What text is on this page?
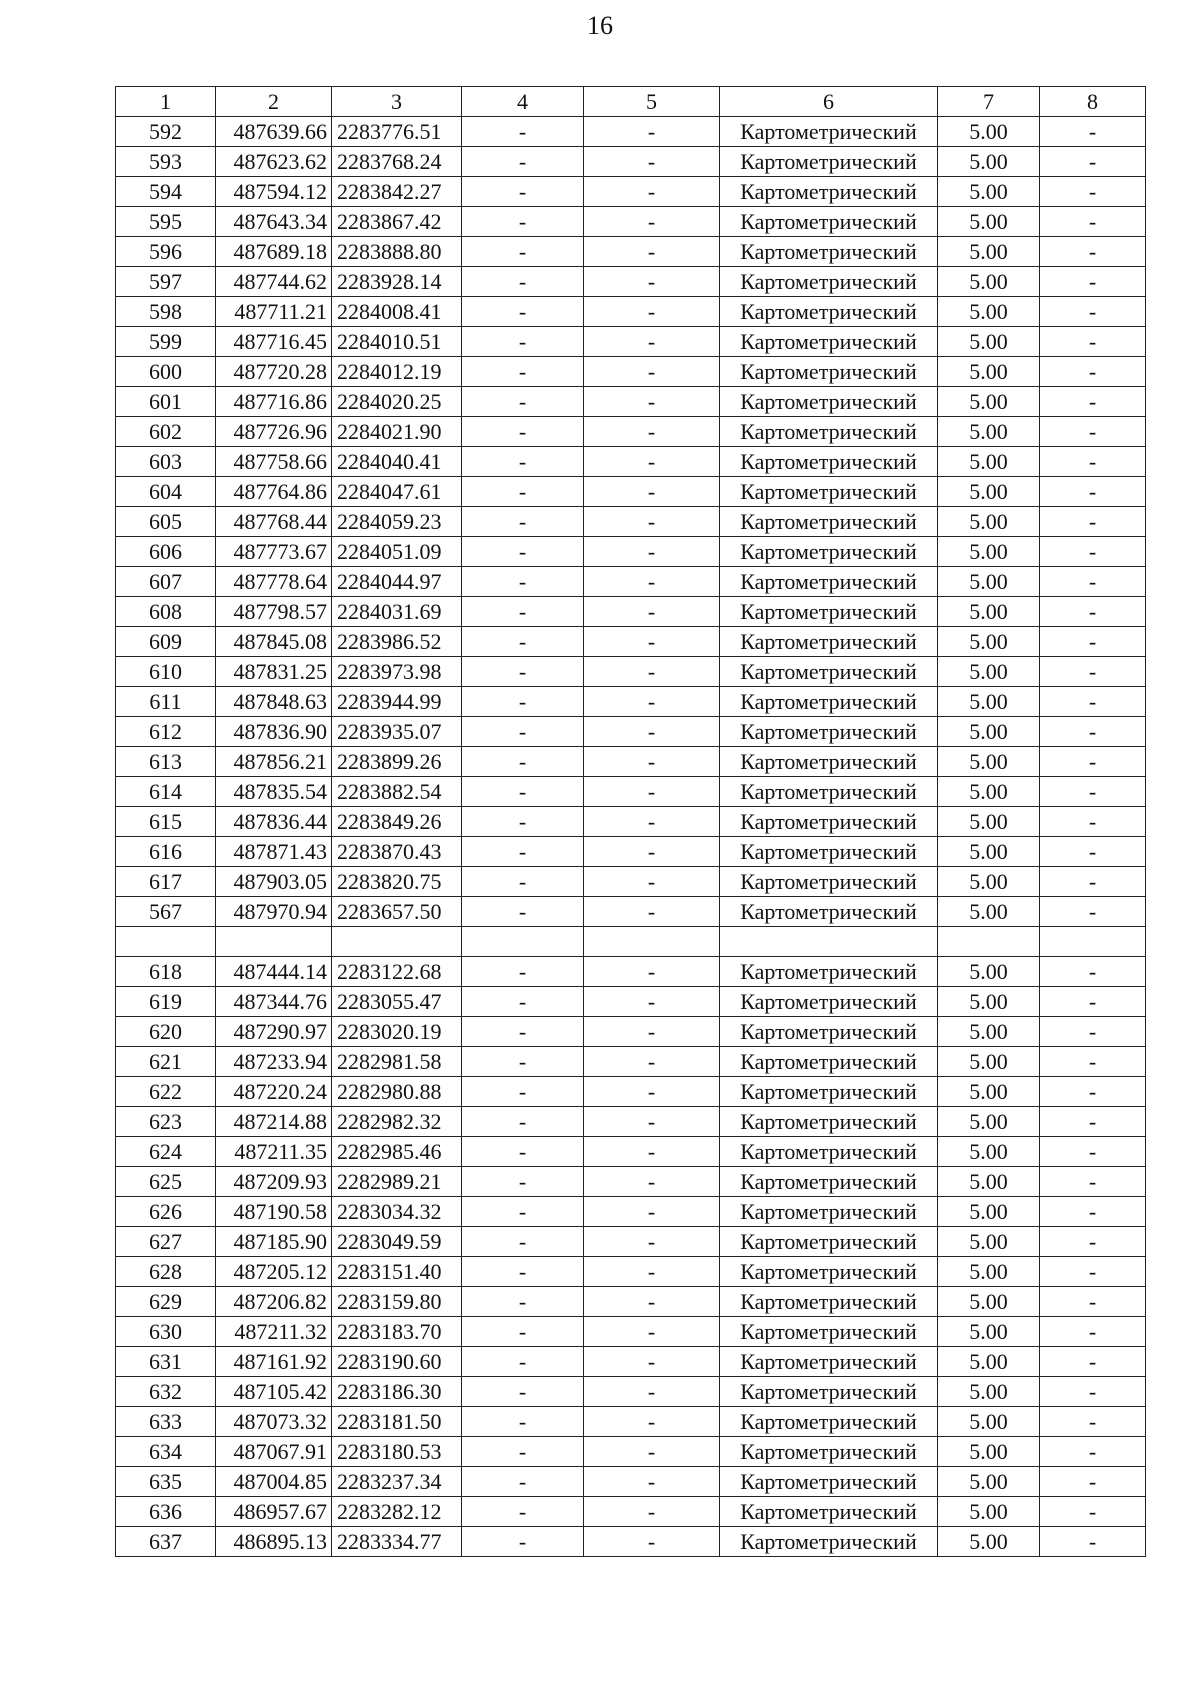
16
1	2	3	4	5	6	7	8
592	487639.66	2283776.51	-	-	Картометрический	5.00	-
593	487623.62	2283768.24	-	-	Картометрический	5.00	-
594	487594.12	2283842.27	-	-	Картометрический	5.00	-
595	487643.34	2283867.42	-	-	Картометрический	5.00	-
596	487689.18	2283888.80	-	-	Картометрический	5.00	-
597	487744.62	2283928.14	-	-	Картометрический	5.00	-
598	487711.21	2284008.41	-	-	Картометрический	5.00	-
599	487716.45	2284010.51	-	-	Картометрический	5.00	-
600	487720.28	2284012.19	-	-	Картометрический	5.00	-
601	487716.86	2284020.25	-	-	Картометрический	5.00	-
602	487726.96	2284021.90	-	-	Картометрический	5.00	-
603	487758.66	2284040.41	-	-	Картометрический	5.00	-
604	487764.86	2284047.61	-	-	Картометрический	5.00	-
605	487768.44	2284059.23	-	-	Картометрический	5.00	-
606	487773.67	2284051.09	-	-	Картометрический	5.00	-
607	487778.64	2284044.97	-	-	Картометрический	5.00	-
608	487798.57	2284031.69	-	-	Картометрический	5.00	-
609	487845.08	2283986.52	-	-	Картометрический	5.00	-
610	487831.25	2283973.98	-	-	Картометрический	5.00	-
611	487848.63	2283944.99	-	-	Картометрический	5.00	-
612	487836.90	2283935.07	-	-	Картометрический	5.00	-
613	487856.21	2283899.26	-	-	Картометрический	5.00	-
614	487835.54	2283882.54	-	-	Картометрический	5.00	-
615	487836.44	2283849.26	-	-	Картометрический	5.00	-
616	487871.43	2283870.43	-	-	Картометрический	5.00	-
617	487903.05	2283820.75	-	-	Картометрический	5.00	-
567	487970.94	2283657.50	-	-	Картометрический	5.00	-

618	487444.14	2283122.68	-	-	Картометрический	5.00	-
619	487344.76	2283055.47	-	-	Картометрический	5.00	-
620	487290.97	2283020.19	-	-	Картометрический	5.00	-
621	487233.94	2282981.58	-	-	Картометрический	5.00	-
622	487220.24	2282980.88	-	-	Картометрический	5.00	-
623	487214.88	2282982.32	-	-	Картометрический	5.00	-
624	487211.35	2282985.46	-	-	Картометрический	5.00	-
625	487209.93	2282989.21	-	-	Картометрический	5.00	-
626	487190.58	2283034.32	-	-	Картометрический	5.00	-
627	487185.90	2283049.59	-	-	Картометрический	5.00	-
628	487205.12	2283151.40	-	-	Картометрический	5.00	-
629	487206.82	2283159.80	-	-	Картометрический	5.00	-
630	487211.32	2283183.70	-	-	Картометрический	5.00	-
631	487161.92	2283190.60	-	-	Картометрический	5.00	-
632	487105.42	2283186.30	-	-	Картометрический	5.00	-
633	487073.32	2283181.50	-	-	Картометрический	5.00	-
634	487067.91	2283180.53	-	-	Картометрический	5.00	-
635	487004.85	2283237.34	-	-	Картометрический	5.00	-
636	486957.67	2283282.12	-	-	Картометрический	5.00	-
637	486895.13	2283334.77	-	-	Картометрический	5.00	-
